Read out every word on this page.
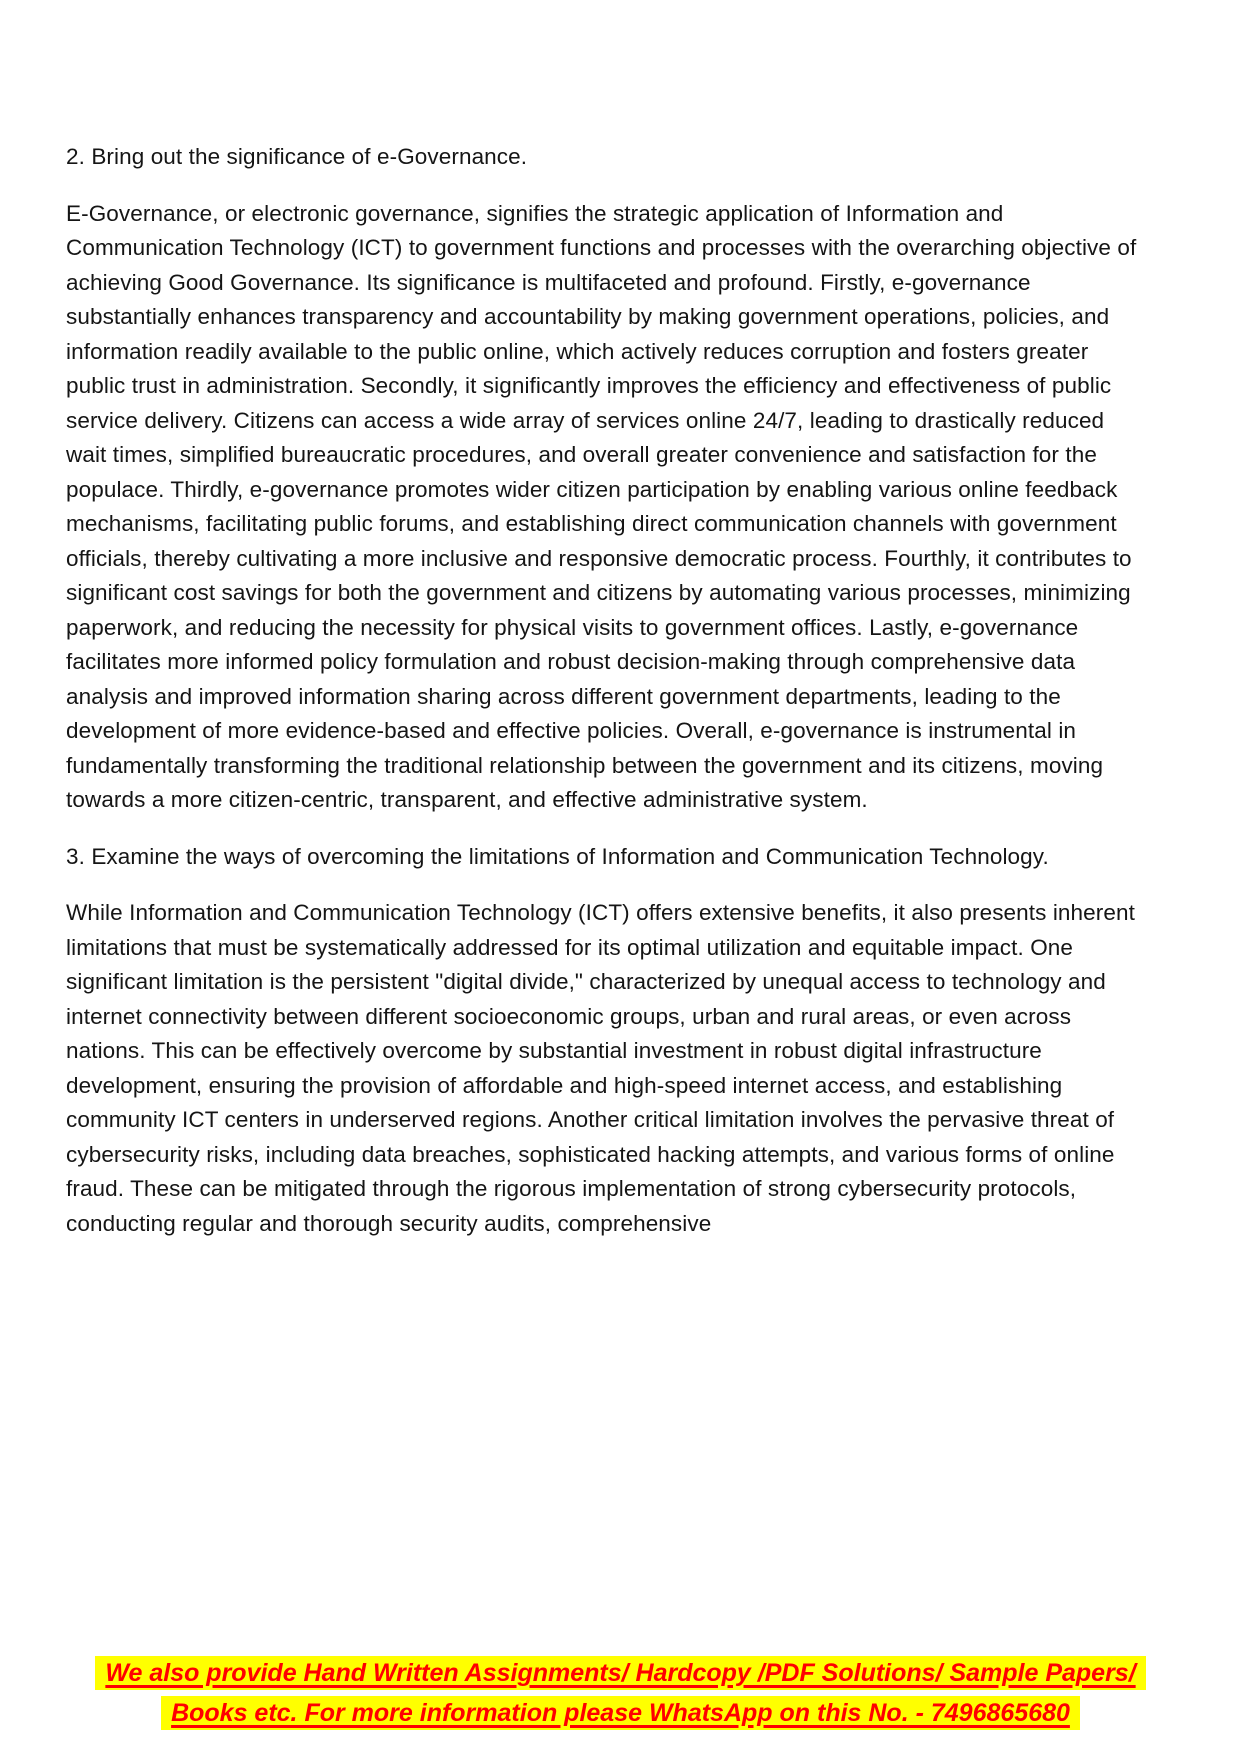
2. Bring out the significance of e-Governance.

E-Governance, or electronic governance, signifies the strategic application of Information and Communication Technology (ICT) to government functions and processes with the overarching objective of achieving Good Governance. Its significance is multifaceted and profound. Firstly, e-governance substantially enhances transparency and accountability by making government operations, policies, and information readily available to the public online, which actively reduces corruption and fosters greater public trust in administration. Secondly, it significantly improves the efficiency and effectiveness of public service delivery. Citizens can access a wide array of services online 24/7, leading to drastically reduced wait times, simplified bureaucratic procedures, and overall greater convenience and satisfaction for the populace. Thirdly, e-governance promotes wider citizen participation by enabling various online feedback mechanisms, facilitating public forums, and establishing direct communication channels with government officials, thereby cultivating a more inclusive and responsive democratic process. Fourthly, it contributes to significant cost savings for both the government and citizens by automating various processes, minimizing paperwork, and reducing the necessity for physical visits to government offices. Lastly, e-governance facilitates more informed policy formulation and robust decision-making through comprehensive data analysis and improved information sharing across different government departments, leading to the development of more evidence-based and effective policies. Overall, e-governance is instrumental in fundamentally transforming the traditional relationship between the government and its citizens, moving towards a more citizen-centric, transparent, and effective administrative system.

3. Examine the ways of overcoming the limitations of Information and Communication Technology.

While Information and Communication Technology (ICT) offers extensive benefits, it also presents inherent limitations that must be systematically addressed for its optimal utilization and equitable impact. One significant limitation is the persistent "digital divide," characterized by unequal access to technology and internet connectivity between different socioeconomic groups, urban and rural areas, or even across nations. This can be effectively overcome by substantial investment in robust digital infrastructure development, ensuring the provision of affordable and high-speed internet access, and establishing community ICT centers in underserved regions. Another critical limitation involves the pervasive threat of cybersecurity risks, including data breaches, sophisticated hacking attempts, and various forms of online fraud. These can be mitigated through the rigorous implementation of strong cybersecurity protocols, conducting regular and thorough security audits, comprehensive

We also provide Hand Written Assignments/ Hardcopy /PDF Solutions/ Sample Papers/
Books etc. For more information please WhatsApp on this No. - 7496865680
